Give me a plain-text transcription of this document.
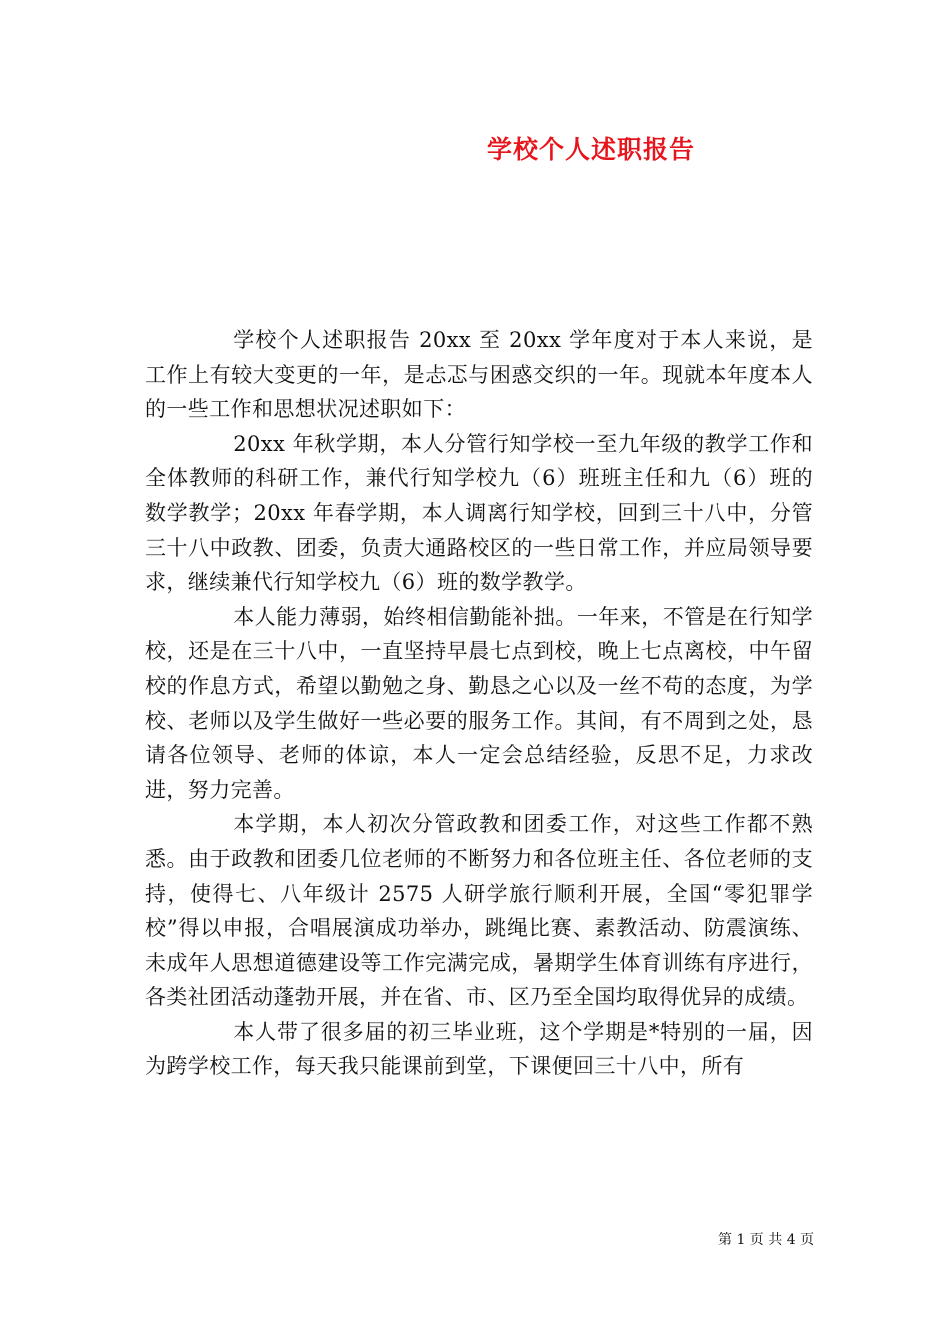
学校个人述职报告

学校个人述职报告 20xx 至 20xx 学年度对于本人来说，是工作上有较大变更的一年，是忐忑与困惑交织的一年。现就本年度本人的一些工作和思想状况述职如下：

20xx 年秋学期，本人分管行知学校一至九年级的教学工作和全体教师的科研工作，兼代行知学校九（6）班班主任和九（6）班的数学教学；20xx 年春学期，本人调离行知学校，回到三十八中，分管三十八中政教、团委，负责大通路校区的一些日常工作，并应局领导要求，继续兼代行知学校九（6）班的数学教学。

本人能力薄弱，始终相信勤能补拙。一年来，不管是在行知学校，还是在三十八中，一直坚持早晨七点到校，晚上七点离校，中午留校的作息方式，希望以勤勉之身、勤恳之心以及一丝不苟的态度，为学校、老师以及学生做好一些必要的服务工作。其间，有不周到之处，恳请各位领导、老师的体谅，本人一定会总结经验，反思不足，力求改进，努力完善。

本学期，本人初次分管政教和团委工作，对这些工作都不熟悉。由于政教和团委几位老师的不断努力和各位班主任、各位老师的支持，使得七、八年级计 2575 人研学旅行顺利开展，全国“零犯罪学校”得以申报，合唱展演成功举办，跳绳比赛、素教活动、防震演练、未成年人思想道德建设等工作完满完成，暑期学生体育训练有序进行，各类社团活动蓬勃开展，并在省、市、区乃至全国均取得优异的成绩。

本人带了很多届的初三毕业班，这个学期是*特别的一届，因为跨学校工作，每天我只能课前到堂，下课便回三十八中，所有

第 1 页 共 4 页
